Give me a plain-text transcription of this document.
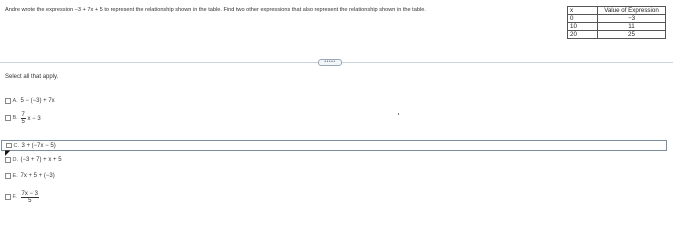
Andre wrote the expression −3 + 7x + 5 to represent the relationship shown in the table. Find two other expressions that also represent the relationship shown in the table.	x	Value of Expression
0	−3
10	11
20	25
•••••
Select all that apply.
A. 5 − (−3) + 7x
B. $\frac{7}{5}$ x − 3
C. 3 + (−7x − 5)
◤
D. (−3 + 7) + x + 5
E. 7x + 5 + (−3)
F. $\frac{7x - 3}{5}$
